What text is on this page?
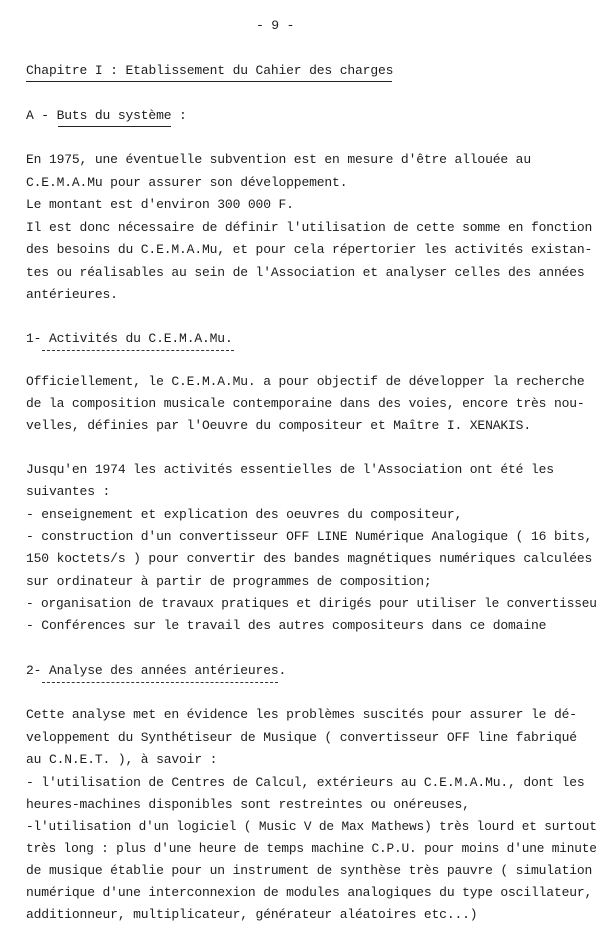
- 9 -
Chapitre I : Etablissement du Cahier des charges
A - Buts du système :
En 1975, une éventuelle subvention est en mesure d'être allouée au
C.E.M.A.Mu pour assurer son développement.
Le montant est d'environ 300 000 F.
Il est donc nécessaire de définir l'utilisation de cette somme en fonction
des besoins du C.E.M.A.Mu, et pour cela répertorier les activités existan-
tes ou réalisables au sein de l'Association et analyser celles des années
antérieures.
1- Activités du C.E.M.A.Mu.
Officiellement, le C.E.M.A.Mu. a pour objectif de développer la recherche
de la composition musicale contemporaine dans des voies, encore très nou-
velles, définies par l'Oeuvre du compositeur et Maître I. XENAKIS.
Jusqu'en 1974 les activités essentielles de l'Association ont été les
suivantes :
- enseignement et explication des oeuvres du compositeur,
- construction d'un convertisseur OFF LINE Numérique Analogique ( 16 bits,
150 koctets/s ) pour convertir des bandes magnétiques numériques calculées
sur ordinateur à partir de programmes de composition;
- organisation de travaux pratiques et dirigés pour utiliser le convertisseu
- Conférences sur le travail des autres compositeurs dans ce domaine
2- Analyse des années antérieures.
Cette analyse met en évidence les problèmes suscités pour assurer le dé-
veloppement du Synthétiseur de Musique ( convertisseur OFF line fabriqué
au C.N.E.T. ), à savoir :
- l'utilisation de Centres de Calcul, extérieurs au C.E.M.A.Mu., dont les
heures-machines disponibles sont restreintes ou onéreuses,
-l'utilisation d'un logiciel ( Music V de Max Mathews) très lourd et surtout
très long : plus d'une heure de temps machine C.P.U. pour moins d'une minute
de musique établie pour un instrument de synthèse très pauvre ( simulation
numérique d'une interconnexion de modules analogiques du type oscillateur,
additionneur, multiplicateur, générateur aléatoires etc...)
